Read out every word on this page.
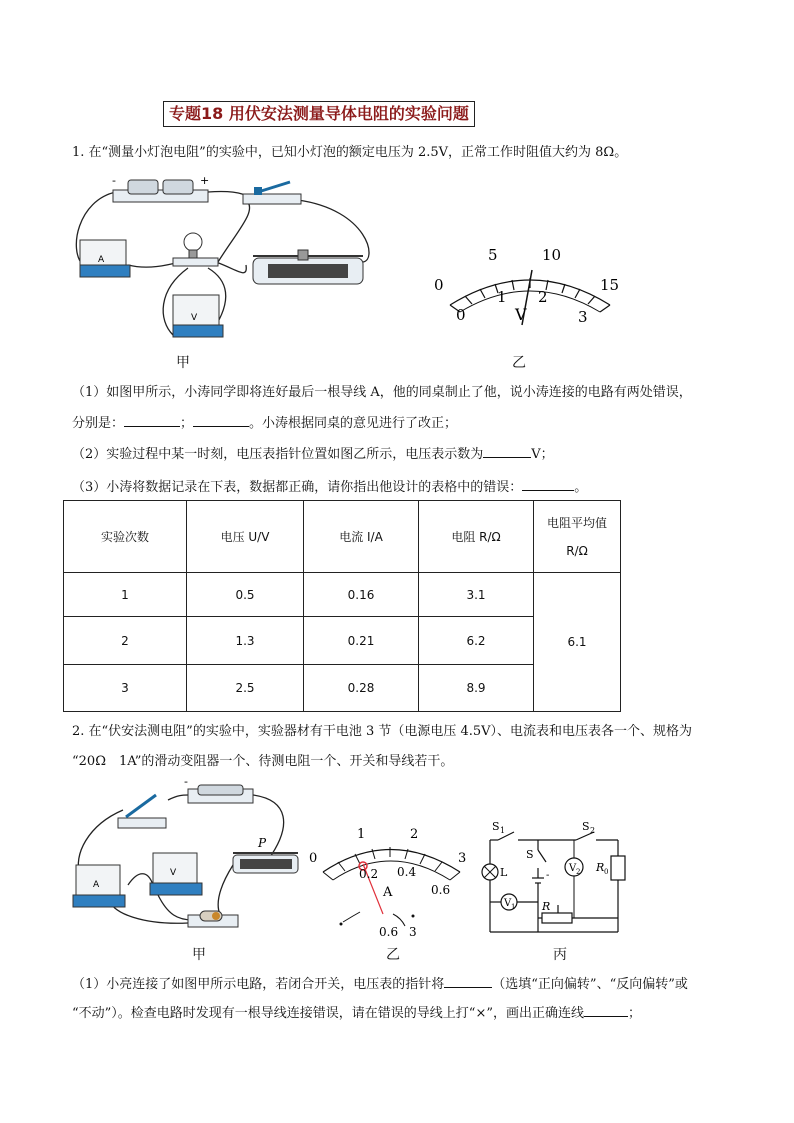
专题18 用伏安法测量导体电阻的实验问题
1. 在“测量小灯泡电阻”的实验中，已知小灯泡的额定电压为 2.5V，正常工作时阻值大约为 8Ω。
-	+
A
V
甲
0
5	10
15
0
1 2
3
V
乙
（1）如图甲所示，小涛同学即将连好最后一根导线 A，他的同桌制止了他，说小涛连接的电路有两处错误，
分别是：	；	。小涛根据同桌的意见进行了改正；
（2）实验过程中某一时刻，电压表指针位置如图乙所示，电压表示数为	V；
（3）小涛将数据记录在下表，数据都正确，请你指出他设计的表格中的错误：	。
实验次数	电压 U/V	电流 I/A	电阻 R/Ω	电阻平均值
R/Ω

1	0.5	0.16	3.1	6.1
2	1.3	0.21	6.2	
3	2.5	0.28	8.9	
2. 在“伏安法测电阻”的实验中，实验器材有干电池 3 节（电源电压 4.5V）、电流表和电压表各一个、规格为
“20Ω　1A”的滑动变阻器一个、待测电阻一个、开关和导线若干。
-
A
V
P
甲
0
1	2
3
0.2 0.4
0.6
A
0.6 3
乙
S 1	S 2
S
L	V 2
V 1
R 0
R
-
丙
（1）小亮连接了如图甲所示电路，若闭合开关，电压表的指针将	（选填“正向偏转”、“反向偏转”或
“不动”）。检查电路时发现有一根导线连接错误，请在错误的导线上打“×”，画出正确连线	；
